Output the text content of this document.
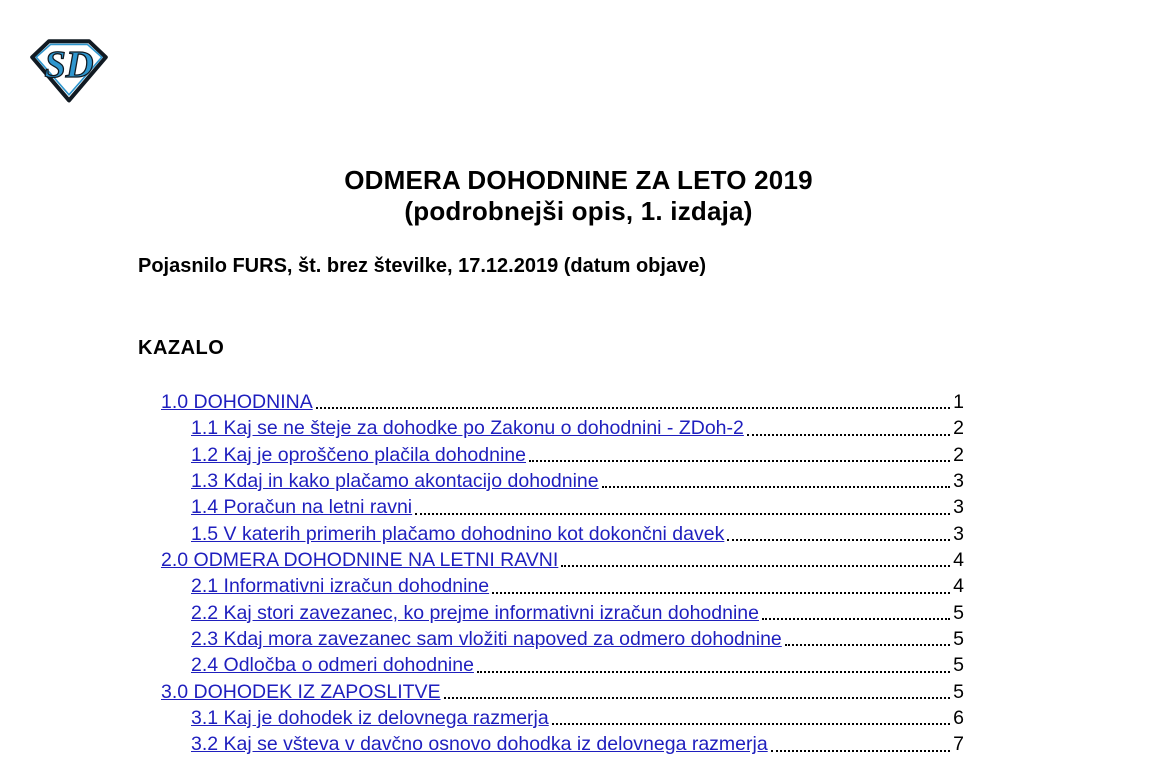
SD
ODMERA DOHODNINE ZA LETO 2019
(podrobnejši opis, 1. izdaja)
Pojasnilo FURS, št. brez številke, 17.12.2019 (datum objave)
KAZALO
1.0 DOHODNINA	1
1.1 Kaj se ne šteje za dohodke po Zakonu o dohodnini - ZDoh-2	2
1.2 Kaj je oproščeno plačila dohodnine	2
1.3 Kdaj in kako plačamo akontacijo dohodnine	3
1.4 Poračun na letni ravni	3
1.5 V katerih primerih plačamo dohodnino kot dokončni davek	3
2.0 ODMERA DOHODNINE NA LETNI RAVNI	4
2.1 Informativni izračun dohodnine	4
2.2 Kaj stori zavezanec, ko prejme informativni izračun dohodnine	5
2.3 Kdaj mora zavezanec sam vložiti napoved za odmero dohodnine	5
2.4 Odločba o odmeri dohodnine	5
3.0 DOHODEK IZ ZAPOSLITVE	5
3.1 Kaj je dohodek iz delovnega razmerja	6
3.2 Kaj se všteva v davčno osnovo dohodka iz delovnega razmerja	7
